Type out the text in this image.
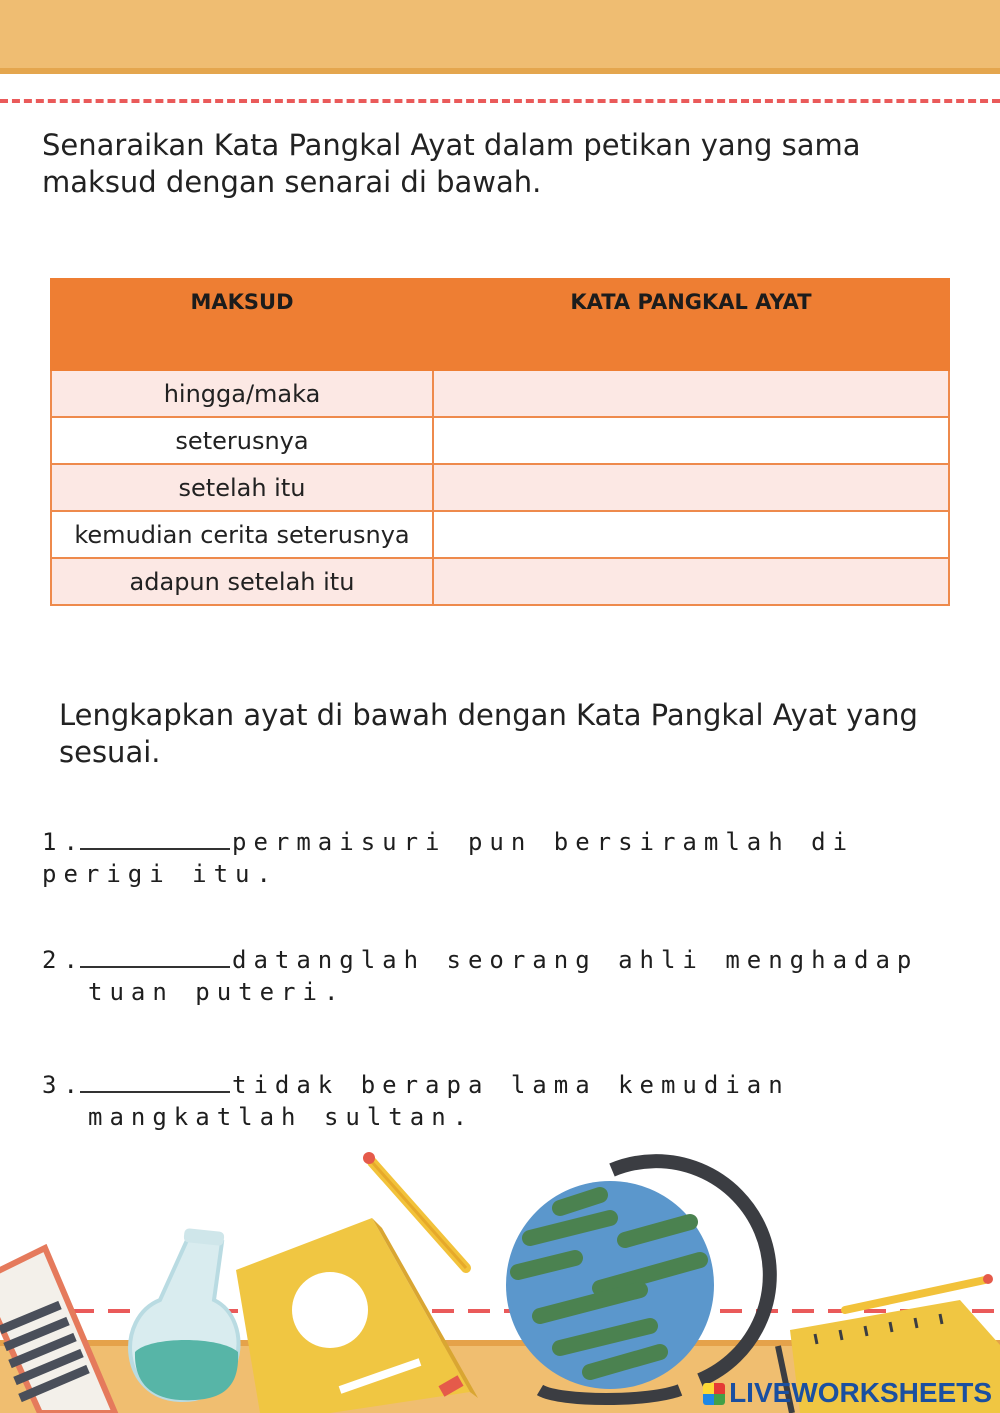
Senaraikan Kata Pangkal Ayat dalam petikan yang sama maksud dengan senarai di bawah.

MAKSUD	KATA PANGKAL AYAT
hingga/maka	
seterusnya	
setelah itu	
kemudian cerita seterusnya	
adapun setelah itu	

Lengkapkan ayat di bawah dengan Kata Pangkal Ayat yang sesuai.

1.	permaisuri pun bersiramlah di perigi itu.
2.	datanglah seorang ahli menghadap
tuan puteri.
3.	tidak berapa lama kemudian
mangkatlah sultan.
LIVEWORKSHEETS
